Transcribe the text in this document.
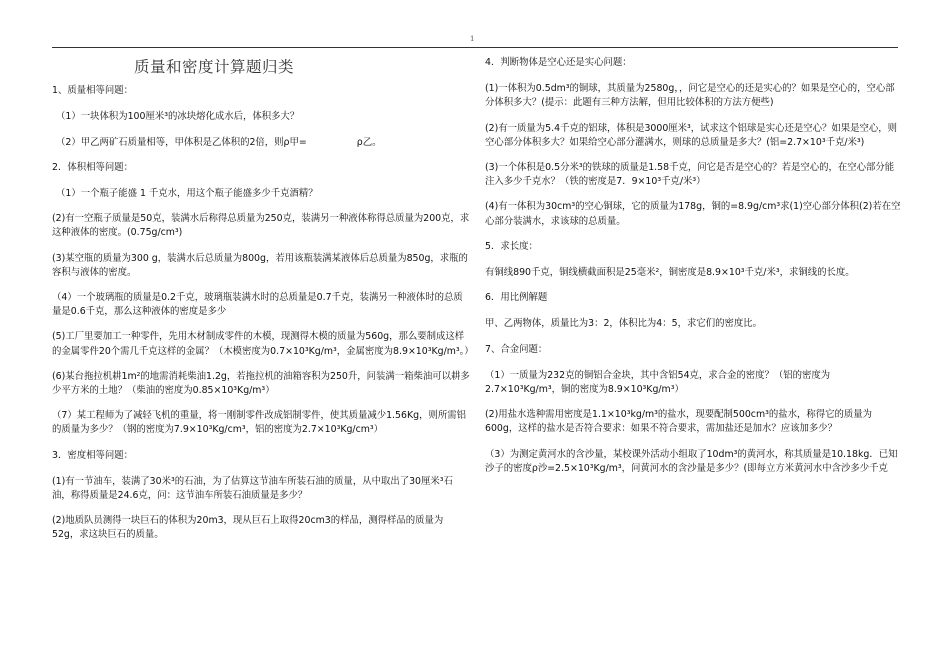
1
质量和密度计算题归类
1、质量相等问题：
（1）一块体积为100厘米³的冰块熔化成水后，体积多大？
（2）甲乙两矿石质量相等，甲体积是乙体积的2倍，则ρ甲=	ρ乙。
2．体积相等问题：
（1）一个瓶子能盛 1 千克水，用这个瓶子能盛多少千克酒精？
(2)有一空瓶子质量是50克，装满水后称得总质量为250克，装满另一种液体称得总质量为200克，求这种液体的密度。(0.75g/cm³)
(3)某空瓶的质量为300 g，装满水后总质量为800g，若用该瓶装满某液体后总质量为850g，求瓶的容积与液体的密度。
（4）一个玻璃瓶的质量是0.2千克，玻璃瓶装满水时的总质量是0.7千克，装满另一种液体时的总质量是0.6千克，那么这种液体的密度是多少
(5)工厂里要加工一种零件，先用木材制成零件的木模，现测得木模的质量为560g，那么要制成这样的金属零件20个需几千克这样的金属？（木模密度为0.7×10³Kg/m³，金属密度为8.9×10³Kg/m³。）
(6)某台拖拉机耕1m²的地需消耗柴油1.2g，若拖拉机的油箱容积为250升，问装满一箱柴油可以耕多少平方米的土地？（柴油的密度为0.85×10³Kg/m³）
（7）某工程师为了减轻飞机的重量，将一刚制零件改成铝制零件，使其质量减少1.56Kg，则所需铝的质量为多少？（钢的密度为7.9×10³Kg/cm³，铝的密度为2.7×10³Kg/cm³）
3．密度相等问题：
(1)有一节油车，装满了30米³的石油，为了估算这节油车所装石油的质量，从中取出了30厘米³石油，称得质量是24.6克，问：这节油车所装石油质量是多少？
(2)地质队员测得一块巨石的体积为20m3，现从巨石上取得20cm3的样品，测得样品的质量为52g，求这块巨石的质量。
4．判断物体是空心还是实心问题：
(1)一体积为0.5dm³的铜球，其质量为2580g，，问它是空心的还是实心的？如果是空心的，空心部分体积多大？(提示：此题有三种方法解，但用比较体积的方法方便些)
(2)有一质量为5.4千克的铝球，体积是3000厘米³，试求这个铝球是实心还是空心？如果是空心，则空心部分体积多大？如果给空心部分灌满水，则球的总质量是多大？(铝=2.7×10³千克/米³)
(3)一个体积是0.5分米³的铁球的质量是1.58千克，问它是否是空心的？若是空心的，在空心部分能注入多少千克水？（铁的密度是7．9×10³千克/米³）
(4)有一体积为30cm³的空心铜球，它的质量为178g，铜的=8.9g/cm³求(1)空心部分体积(2)若在空心部分装满水，求该球的总质量。
5．求长度：
有铜线890千克，铜线横截面积是25毫米²，铜密度是8.9×10³千克/米³，求铜线的长度。
6．用比例解题
甲、乙两物体，质量比为3：2，体积比为4：5，求它们的密度比。
7、合金问题：
（1）一质量为232克的铜铝合金块，其中含铝54克，求合金的密度？（铝的密度为2.7×10³Kg/m³，铜的密度为8.9×10³Kg/m³）
(2)用盐水选种需用密度是1.1×10³kg/m³的盐水，现要配制500cm³的盐水，称得它的质量为600g，这样的盐水是否符合要求：如果不符合要求，需加盐还是加水？应该加多少？
（3）为测定黄河水的含沙量，某校课外活动小组取了10dm³的黄河水，称其质量是10.18kg．已知沙子的密度ρ沙=2.5×10³Kg/m³，问黄河水的含沙量是多少？(即每立方米黄河水中含沙多少千克
